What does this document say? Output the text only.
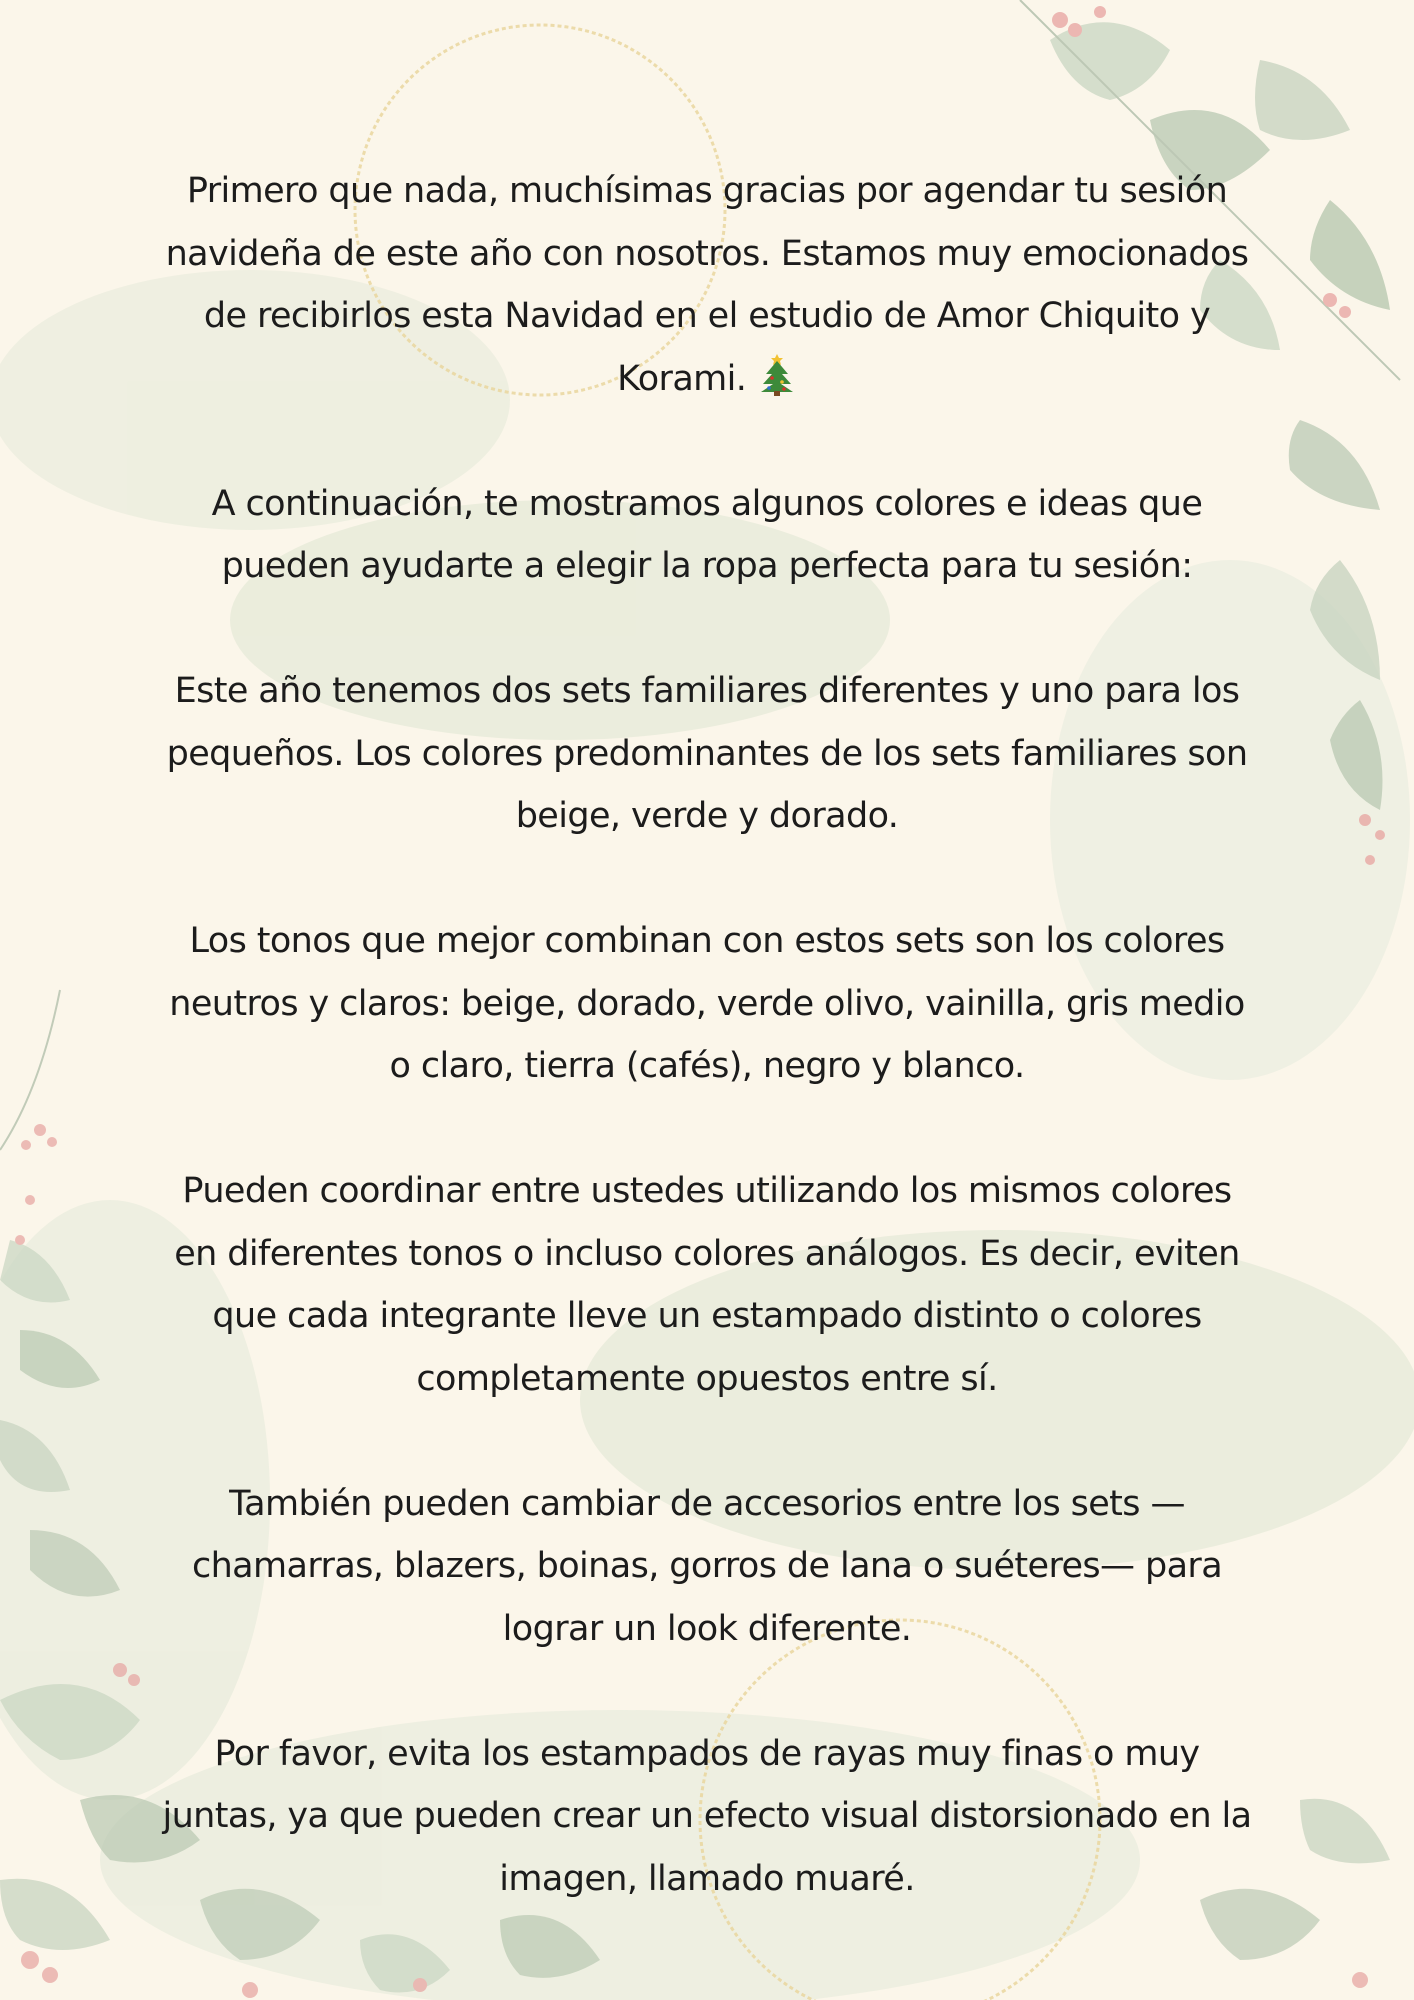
Primero que nada, muchísimas gracias por agendar tu sesión
navideña de este año con nosotros. Estamos muy emocionados
de recibirlos esta Navidad en el estudio de Amor Chiquito y
Korami.

A continuación, te mostramos algunos colores e ideas que
pueden ayudarte a elegir la ropa perfecta para tu sesión:

Este año tenemos dos sets familiares diferentes y uno para los
pequeños. Los colores predominantes de los sets familiares son
beige, verde y dorado.

Los tonos que mejor combinan con estos sets son los colores
neutros y claros: beige, dorado, verde olivo, vainilla, gris medio
o claro, tierra (cafés), negro y blanco.

Pueden coordinar entre ustedes utilizando los mismos colores
en diferentes tonos o incluso colores análogos. Es decir, eviten
que cada integrante lleve un estampado distinto o colores
completamente opuestos entre sí.

También pueden cambiar de accesorios entre los sets —
chamarras, blazers, boinas, gorros de lana o suéteres— para
lograr un look diferente.

Por favor, evita los estampados de rayas muy finas o muy
juntas, ya que pueden crear un efecto visual distorsionado en la
imagen, llamado muaré.
